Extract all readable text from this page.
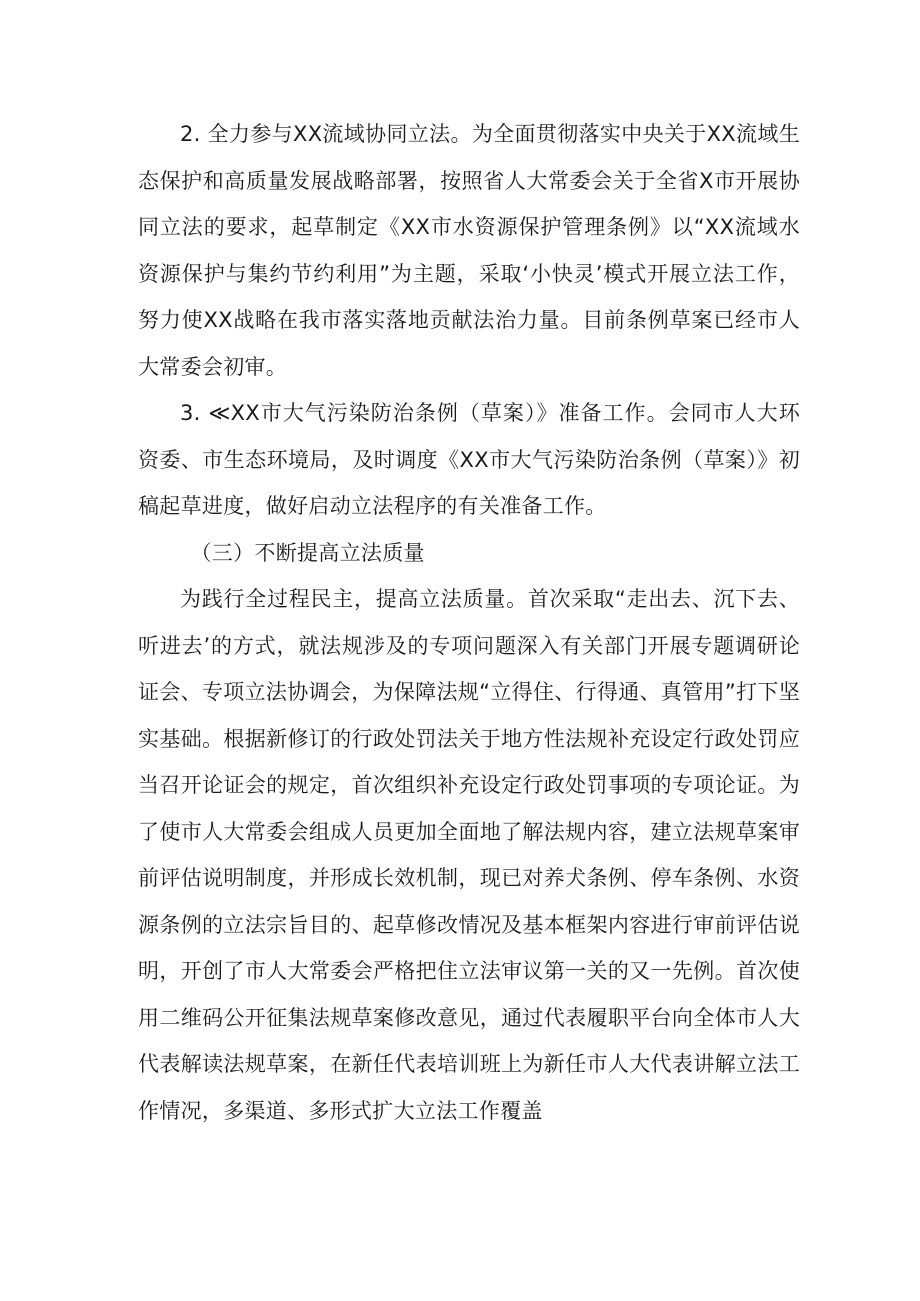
2. 全力参与XX流域协同立法。为全面贯彻落实中央关于XX流域生态保护和高质量发展战略部署，按照省人大常委会关于全省X市开展协同立法的要求，起草制定《XX市水资源保护管理条例》以“XX流域水资源保护与集约节约利用”为主题，采取‘小快灵’模式开展立法工作， 努力使XX战略在我市落实落地贡献法治力量。目前条例草案已经市人大常委会初审。

3. ≪XX市大气污染防治条例（草案）》准备工作。会同市人大环资委、市生态环境局，及时调度《XX市大气污染防治条例（草案）》初稿起草进度，做好启动立法程序的有关准备工作。

（三）不断提高立法质量

为践行全过程民主，提高立法质量。首次采取“走出去、沉下去、听进去’的方式，就法规涉及的专项问题深入有关部门开展专题调研论证会、专项立法协调会，为保障法规“立得住、行得通、真管用”打下坚实基础。根据新修订的行政处罚法关于地方性法规补充设定行政处罚应当召开论证会的规定，首次组织补充设定行政处罚事项的专项论证。为了使市人大常委会组成人员更加全面地了解法规内容，建立法规草案审前评估说明制度，并形成长效机制，现已对养犬条例、停车条例、水资源条例的立法宗旨目的、起草修改情况及基本框架内容进行审前评估说明，开创了市人大常委会严格把住立法审议第一关的又一先例。首次使用二维码公开征集法规草案修改意见，通过代表履职平台向全体市人大代表解读法规草案，在新任代表培训班上为新任市人大代表讲解立法工作情况，多渠道、多形式扩大立法工作覆盖
